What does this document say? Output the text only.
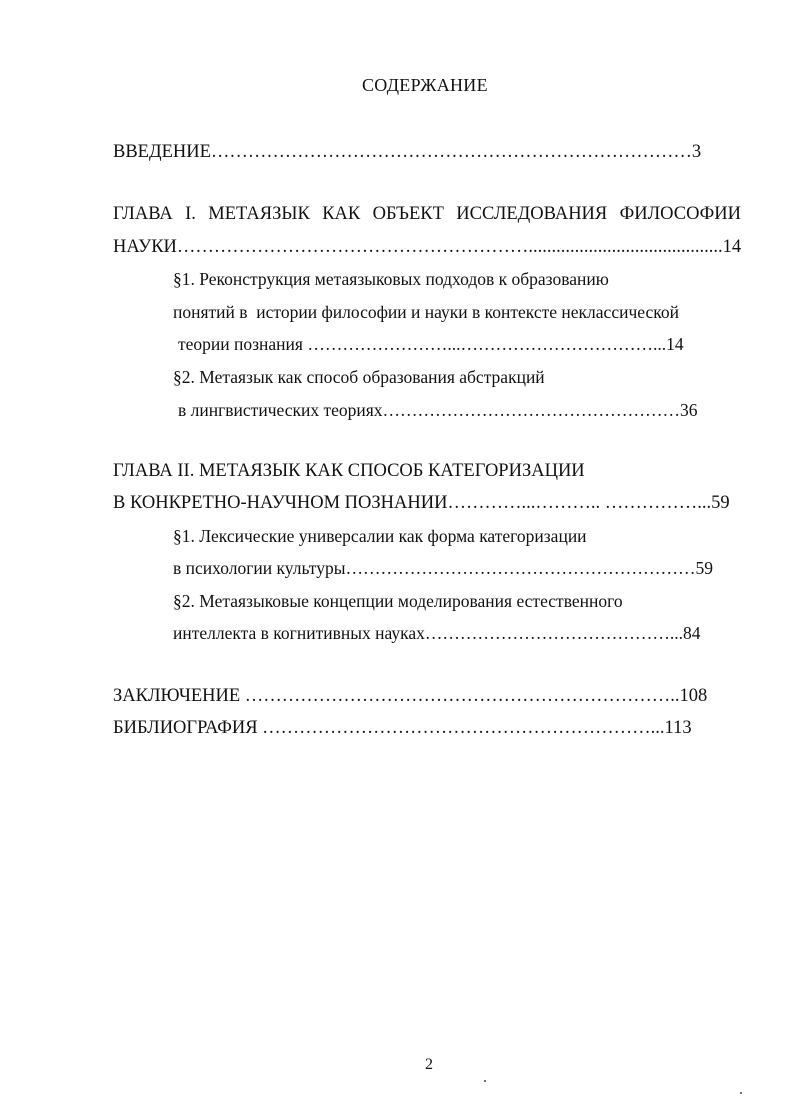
СОДЕРЖАНИЕ
ВВЕДЕНИЕ……………………………………………………………………3
ГЛАВА I. МЕТАЯЗЫК КАК ОБЪЕКТ ИССЛЕДОВАНИЯ ФИЛОСОФИИ
НАУКИ…………………………………………………..........................................14
§1. Реконструкция метаязыковых подходов к образованию
понятий в  истории философии и науки в контексте неклассической
теории познания ……………………...……………………………...14
§2. Метаязык как способ образования абстракций
в лингвистических теориях……………………………………………36
ГЛАВА II. МЕТАЯЗЫК КАК СПОСОБ КАТЕГОРИЗАЦИИ
В КОНКРЕТНО-НАУЧНОМ ПОЗНАНИИ…………...……….. ……………...59
§1. Лексические универсалии как форма категоризации
в психологии культуры……………………………………………………59
§2. Метаязыковые концепции моделирования естественного
интеллекта в когнитивных науках……………………………………...84
ЗАКЛЮЧЕНИЕ ……………………………………………………………..108
БИБЛИОГРАФИЯ ………………………………………………………...113
2
